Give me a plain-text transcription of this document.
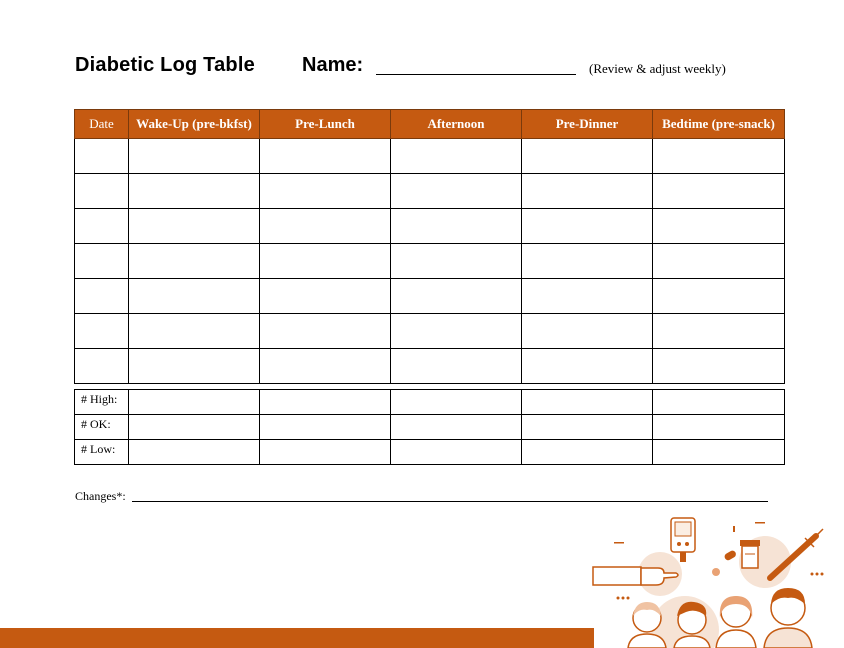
Diabetic Log Table Name:	(Review & adjust weekly)
Date	Wake-Up (pre-bkfst)	Pre-Lunch	Afternoon	Pre-Dinner	Bedtime (pre-snack)

# High:					
# OK:					
# Low:					
Changes*:
